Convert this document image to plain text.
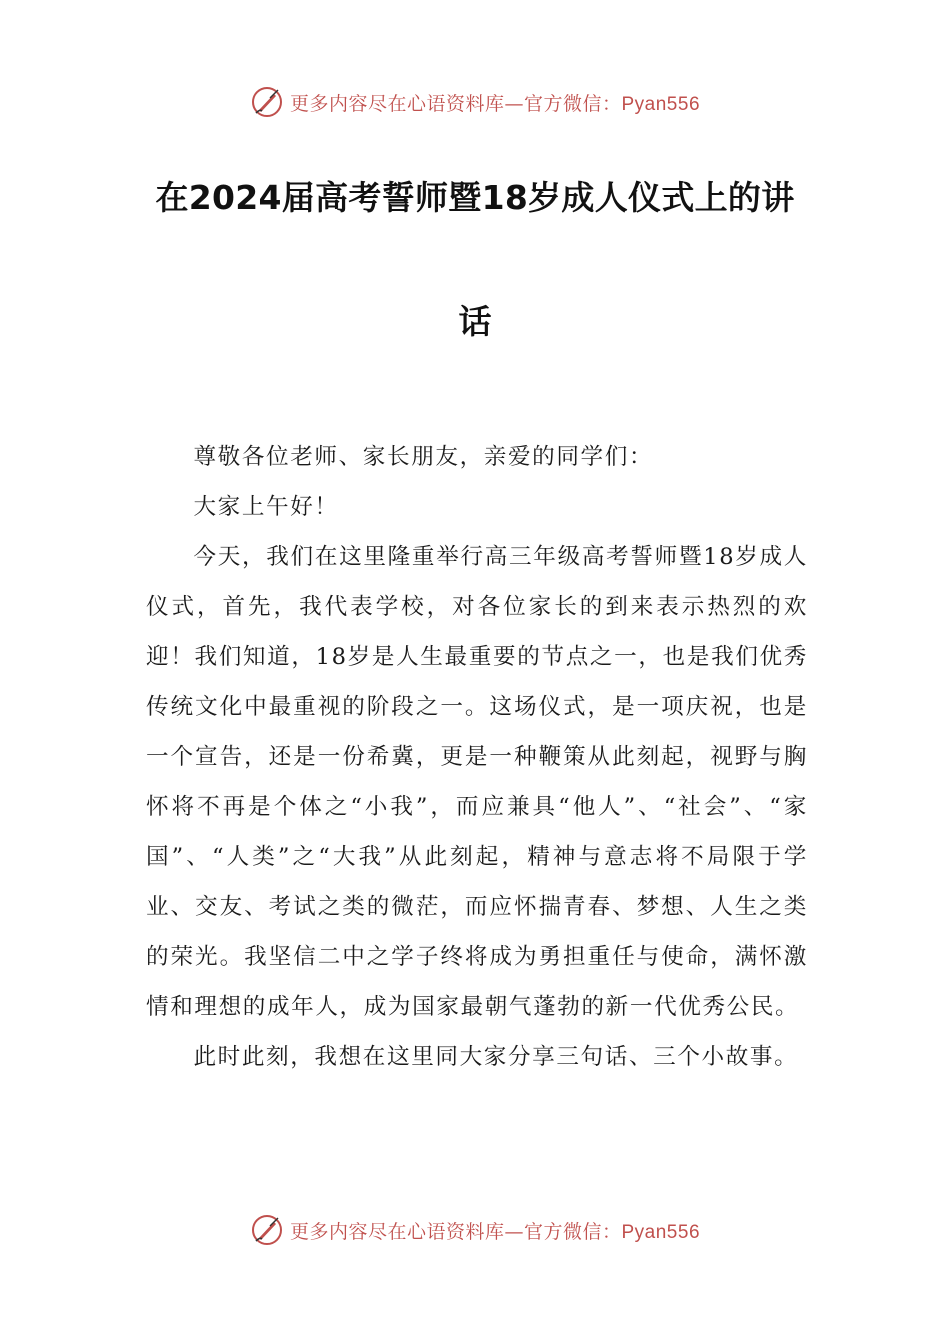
更多内容尽在心语资料库—官方微信：Pyan556
在2024届高考誓师暨18岁成人仪式上的讲
话

尊敬各位老师、家长朋友，亲爱的同学们：

大家上午好！

今天，我们在这里隆重举行高三年级高考誓师暨18岁成人仪式，首先，我代表学校，对各位家长的到来表示热烈的欢迎！我们知道，18岁是人生最重要的节点之一，也是我们优秀传统文化中最重视的阶段之一。这场仪式，是一项庆祝，也是一个宣告，还是一份希冀，更是一种鞭策从此刻起，视野与胸怀将不再是个体之“小我”，而应兼具“他人”、“社会”、“家国”、“人类”之“大我”从此刻起，精神与意志将不局限于学业、交友、考试之类的微茫，而应怀揣青春、梦想、人生之类的荣光。我坚信二中之学子终将成为勇担重任与使命，满怀激情和理想的成年人，成为国家最朝气蓬勃的新一代优秀公民。

此时此刻，我想在这里同大家分享三句话、三个小故事。

更多内容尽在心语资料库—官方微信：Pyan556
